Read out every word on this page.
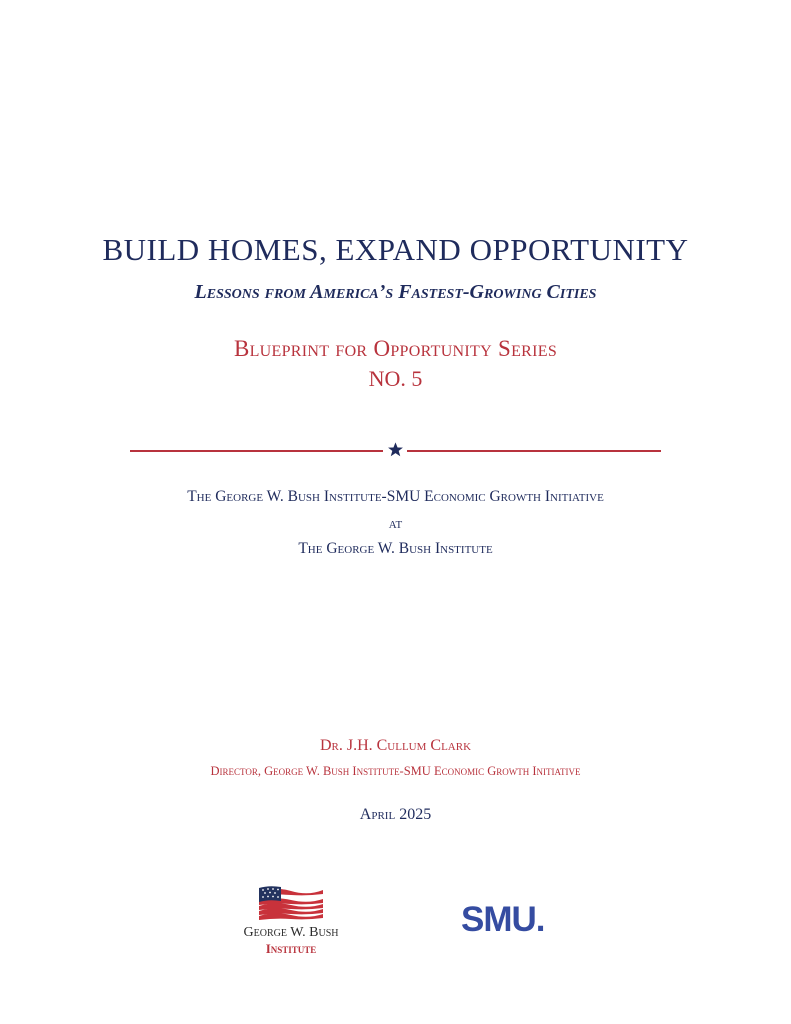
BUILD HOMES, EXPAND OPPORTUNITY
Lessons from America’s Fastest-Growing Cities
Blueprint for Opportunity Series
NO. 5
The George W. Bush Institute-SMU Economic Growth Initiative
at
The George W. Bush Institute
Dr. J.H. Cullum Clark
Director, George W. Bush Institute-SMU Economic Growth Initiative
April 2025
George W. Bush
Institute
SMU.
